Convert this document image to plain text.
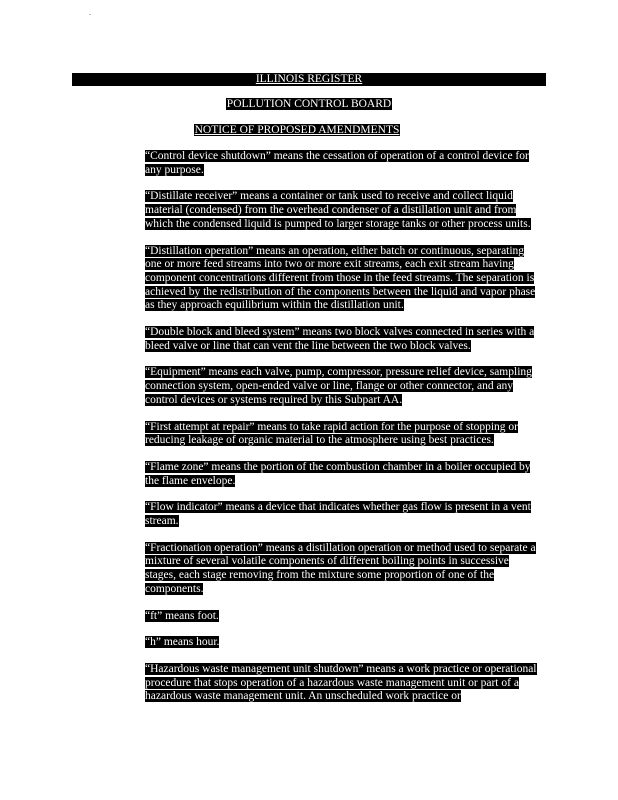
.
ILLINOIS REGISTER
POLLUTION CONTROL BOARD
NOTICE OF PROPOSED AMENDMENTS

“Control device shutdown” means the cessation of operation of a control device for any purpose.

“Distillate receiver” means a container or tank used to receive and collect liquid material (condensed) from the overhead condenser of a distillation unit and from which the condensed liquid is pumped to larger storage tanks or other process units.

“Distillation operation” means an operation, either batch or continuous, separating one or more feed streams into two or more exit streams, each exit stream having component concentrations different from those in the feed streams. The separation is achieved by the redistribution of the components between the liquid and vapor phase as they approach equilibrium within the distillation unit.

“Double block and bleed system” means two block valves connected in series with a bleed valve or line that can vent the line between the two block valves.

“Equipment” means each valve, pump, compressor, pressure relief device, sampling connection system, open-ended valve or line, flange or other connector, and any control devices or systems required by this Subpart AA.

“First attempt at repair” means to take rapid action for the purpose of stopping or reducing leakage of organic material to the atmosphere using best practices.

“Flame zone” means the portion of the combustion chamber in a boiler occupied by the flame envelope.

“Flow indicator” means a device that indicates whether gas flow is present in a vent stream.

“Fractionation operation” means a distillation operation or method used to separate a mixture of several volatile components of different boiling points in successive stages, each stage removing from the mixture some proportion of one of the components.

“ft” means foot.

“h” means hour.

“Hazardous waste management unit shutdown” means a work practice or operational procedure that stops operation of a hazardous waste management unit or part of a hazardous waste management unit. An unscheduled work practice or
